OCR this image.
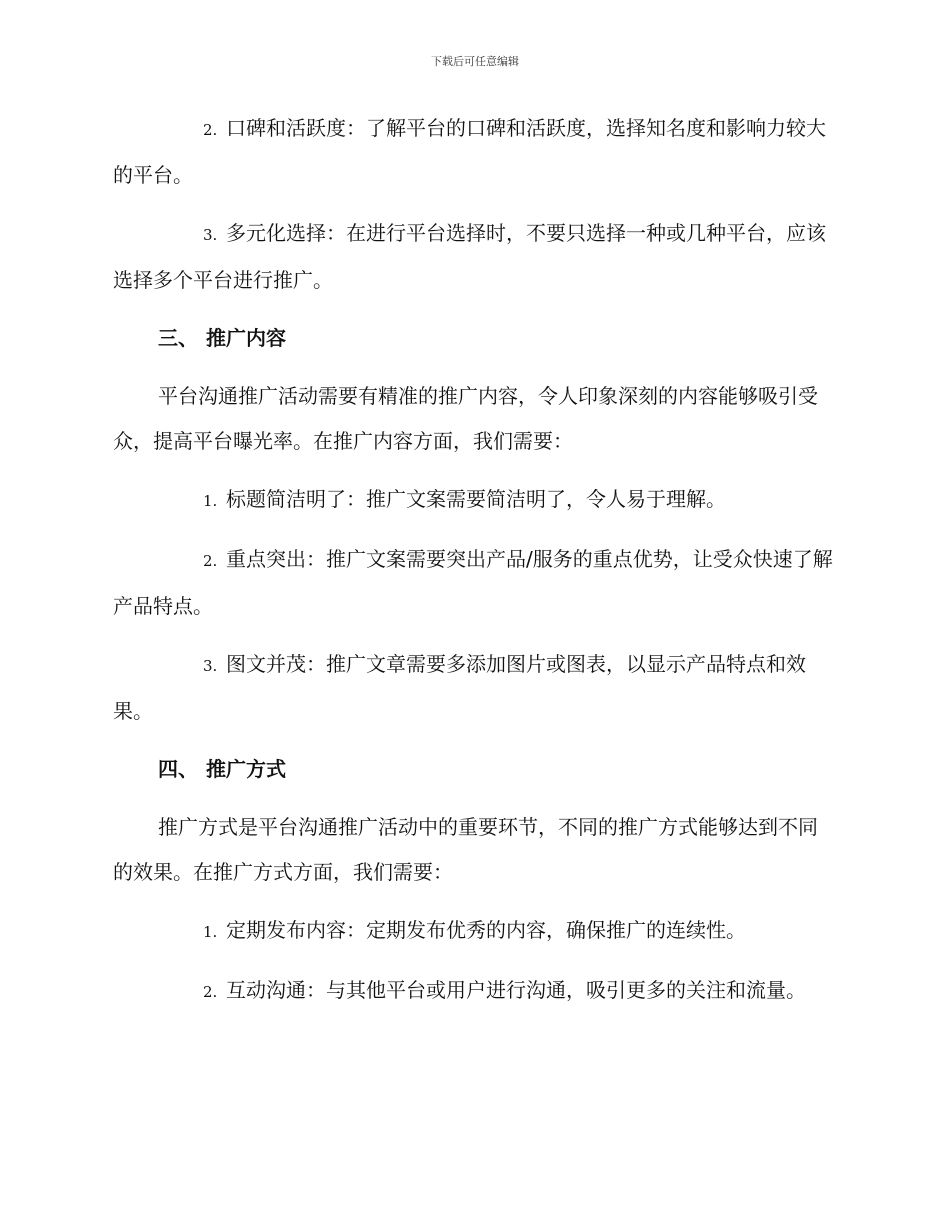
下载后可任意编辑

2. 口碑和活跃度：了解平台的口碑和活跃度，选择知名度和影响力较大的平台。

3. 多元化选择：在进行平台选择时，不要只选择一种或几种平台，应该选择多个平台进行推广。

三、 推广内容

平台沟通推广活动需要有精准的推广内容，令人印象深刻的内容能够吸引受众，提高平台曝光率。在推广内容方面，我们需要：

1. 标题简洁明了：推广文案需要简洁明了，令人易于理解。

2. 重点突出：推广文案需要突出产品/服务的重点优势，让受众快速了解产品特点。

3. 图文并茂：推广文章需要多添加图片或图表，以显示产品特点和效果。

四、 推广方式

推广方式是平台沟通推广活动中的重要环节，不同的推广方式能够达到不同的效果。在推广方式方面，我们需要：

1. 定期发布内容：定期发布优秀的内容，确保推广的连续性。

2. 互动沟通：与其他平台或用户进行沟通，吸引更多的关注和流量。
